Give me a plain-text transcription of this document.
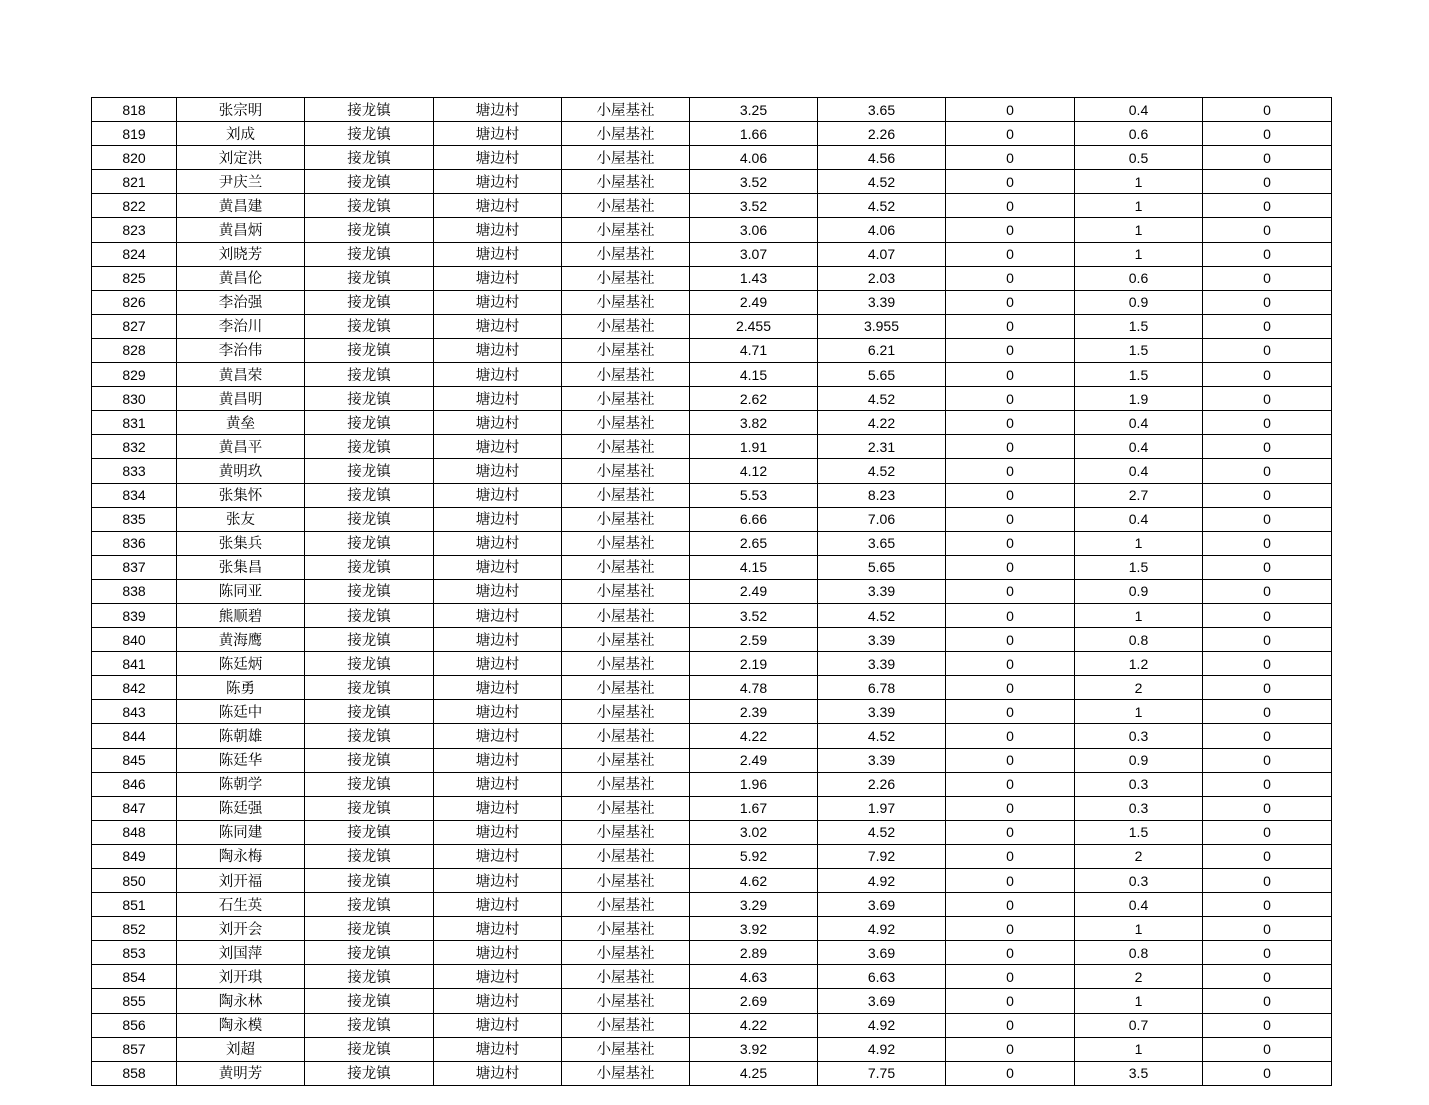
818	张宗明	接龙镇	塘边村	小屋基社	3.25	3.65	0	0.4	0
819	刘成	接龙镇	塘边村	小屋基社	1.66	2.26	0	0.6	0
820	刘定洪	接龙镇	塘边村	小屋基社	4.06	4.56	0	0.5	0
821	尹庆兰	接龙镇	塘边村	小屋基社	3.52	4.52	0	1	0
822	黄昌建	接龙镇	塘边村	小屋基社	3.52	4.52	0	1	0
823	黄昌炳	接龙镇	塘边村	小屋基社	3.06	4.06	0	1	0
824	刘晓芳	接龙镇	塘边村	小屋基社	3.07	4.07	0	1	0
825	黄昌伦	接龙镇	塘边村	小屋基社	1.43	2.03	0	0.6	0
826	李治强	接龙镇	塘边村	小屋基社	2.49	3.39	0	0.9	0
827	李治川	接龙镇	塘边村	小屋基社	2.455	3.955	0	1.5	0
828	李治伟	接龙镇	塘边村	小屋基社	4.71	6.21	0	1.5	0
829	黄昌荣	接龙镇	塘边村	小屋基社	4.15	5.65	0	1.5	0
830	黄昌明	接龙镇	塘边村	小屋基社	2.62	4.52	0	1.9	0
831	黄垒	接龙镇	塘边村	小屋基社	3.82	4.22	0	0.4	0
832	黄昌平	接龙镇	塘边村	小屋基社	1.91	2.31	0	0.4	0
833	黄明玖	接龙镇	塘边村	小屋基社	4.12	4.52	0	0.4	0
834	张集怀	接龙镇	塘边村	小屋基社	5.53	8.23	0	2.7	0
835	张友	接龙镇	塘边村	小屋基社	6.66	7.06	0	0.4	0
836	张集兵	接龙镇	塘边村	小屋基社	2.65	3.65	0	1	0
837	张集昌	接龙镇	塘边村	小屋基社	4.15	5.65	0	1.5	0
838	陈同亚	接龙镇	塘边村	小屋基社	2.49	3.39	0	0.9	0
839	熊顺碧	接龙镇	塘边村	小屋基社	3.52	4.52	0	1	0
840	黄海鹰	接龙镇	塘边村	小屋基社	2.59	3.39	0	0.8	0
841	陈廷炳	接龙镇	塘边村	小屋基社	2.19	3.39	0	1.2	0
842	陈勇	接龙镇	塘边村	小屋基社	4.78	6.78	0	2	0
843	陈廷中	接龙镇	塘边村	小屋基社	2.39	3.39	0	1	0
844	陈朝雄	接龙镇	塘边村	小屋基社	4.22	4.52	0	0.3	0
845	陈廷华	接龙镇	塘边村	小屋基社	2.49	3.39	0	0.9	0
846	陈朝学	接龙镇	塘边村	小屋基社	1.96	2.26	0	0.3	0
847	陈廷强	接龙镇	塘边村	小屋基社	1.67	1.97	0	0.3	0
848	陈同建	接龙镇	塘边村	小屋基社	3.02	4.52	0	1.5	0
849	陶永梅	接龙镇	塘边村	小屋基社	5.92	7.92	0	2	0
850	刘开福	接龙镇	塘边村	小屋基社	4.62	4.92	0	0.3	0
851	石生英	接龙镇	塘边村	小屋基社	3.29	3.69	0	0.4	0
852	刘开会	接龙镇	塘边村	小屋基社	3.92	4.92	0	1	0
853	刘国萍	接龙镇	塘边村	小屋基社	2.89	3.69	0	0.8	0
854	刘开琪	接龙镇	塘边村	小屋基社	4.63	6.63	0	2	0
855	陶永林	接龙镇	塘边村	小屋基社	2.69	3.69	0	1	0
856	陶永模	接龙镇	塘边村	小屋基社	4.22	4.92	0	0.7	0
857	刘超	接龙镇	塘边村	小屋基社	3.92	4.92	0	1	0
858	黄明芳	接龙镇	塘边村	小屋基社	4.25	7.75	0	3.5	0
